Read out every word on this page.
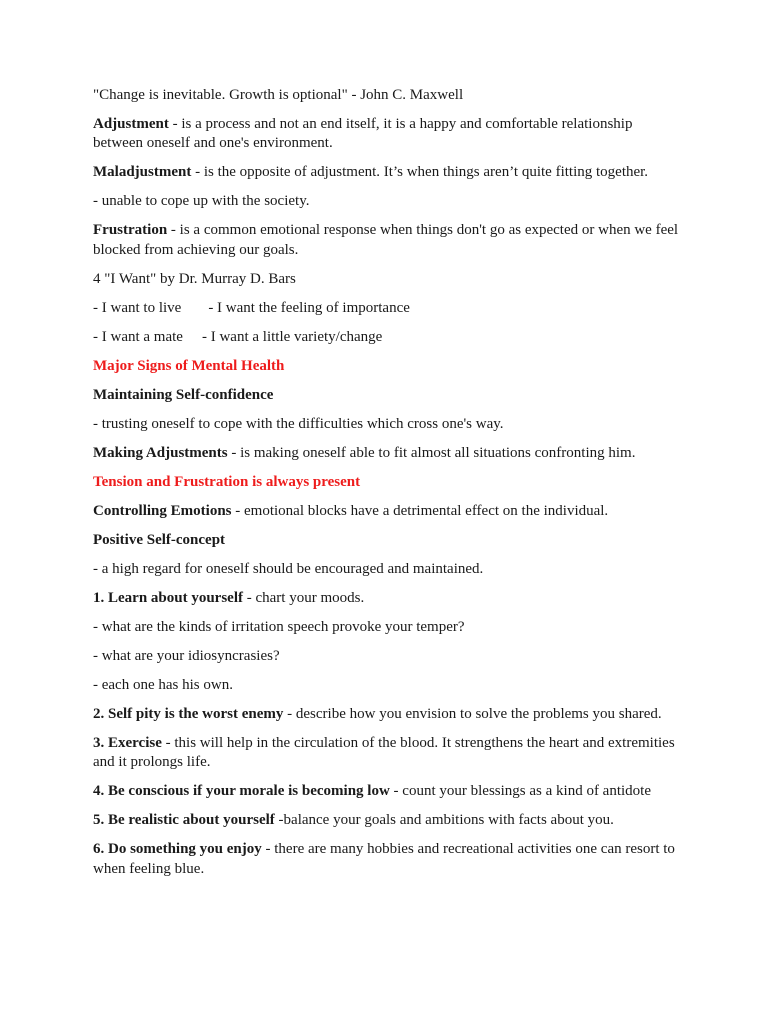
"Change is inevitable. Growth is optional" - John C. Maxwell

Adjustment - is a process and not an end itself, it is a happy and comfortable relationship between oneself and one's environment.

Maladjustment - is the opposite of adjustment. It’s when things aren’t quite fitting together.

- unable to cope up with the society.

Frustration - is a common emotional response when things don't go as expected or when we feel blocked from achieving our goals.

4 "I Want" by Dr. Murray D. Bars

- I want to live - I want the feeling of importance

- I want a mate - I want a little variety/change

Major Signs of Mental Health

Maintaining Self-confidence

- trusting oneself to cope with the difficulties which cross one's way.

Making Adjustments - is making oneself able to fit almost all situations confronting him.

Tension and Frustration is always present

Controlling Emotions - emotional blocks have a detrimental effect on the individual.

Positive Self-concept

- a high regard for oneself should be encouraged and maintained.

1. Learn about yourself - chart your moods.

- what are the kinds of irritation speech provoke your temper?

- what are your idiosyncrasies?

- each one has his own.

2. Self pity is the worst enemy - describe how you envision to solve the problems you shared.

3. Exercise - this will help in the circulation of the blood. It strengthens the heart and extremities and it prolongs life.

4. Be conscious if your morale is becoming low - count your blessings as a kind of antidote

5. Be realistic about yourself -balance your goals and ambitions with facts about you.

6. Do something you enjoy - there are many hobbies and recreational activities one can resort to when feeling blue.
